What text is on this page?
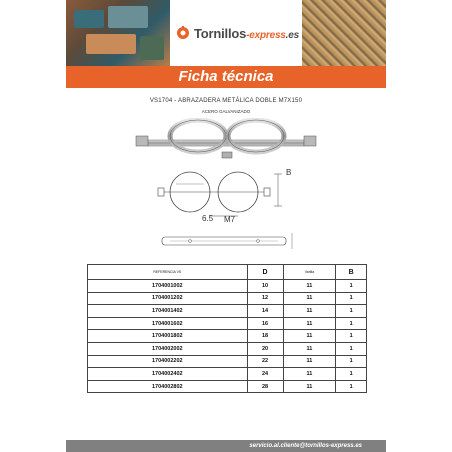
Tornillos-express.es
Ficha técnica
VS1704 - ABRAZADERA METÁLICA DOBLE M7X150
ACERO GALVANIZADO
B
6.5 M7
REFERENCIA VS	D	Varilla	B
1704001002	10	11	1
1704001202	12	11	1
1704001402	14	11	1
1704001602	16	11	1
1704001802	18	11	1
1704002002	20	11	1
1704002202	22	11	1
1704002402	24	11	1
1704002802	28	11	1
servicio.al.cliente@tornillos-express.es
